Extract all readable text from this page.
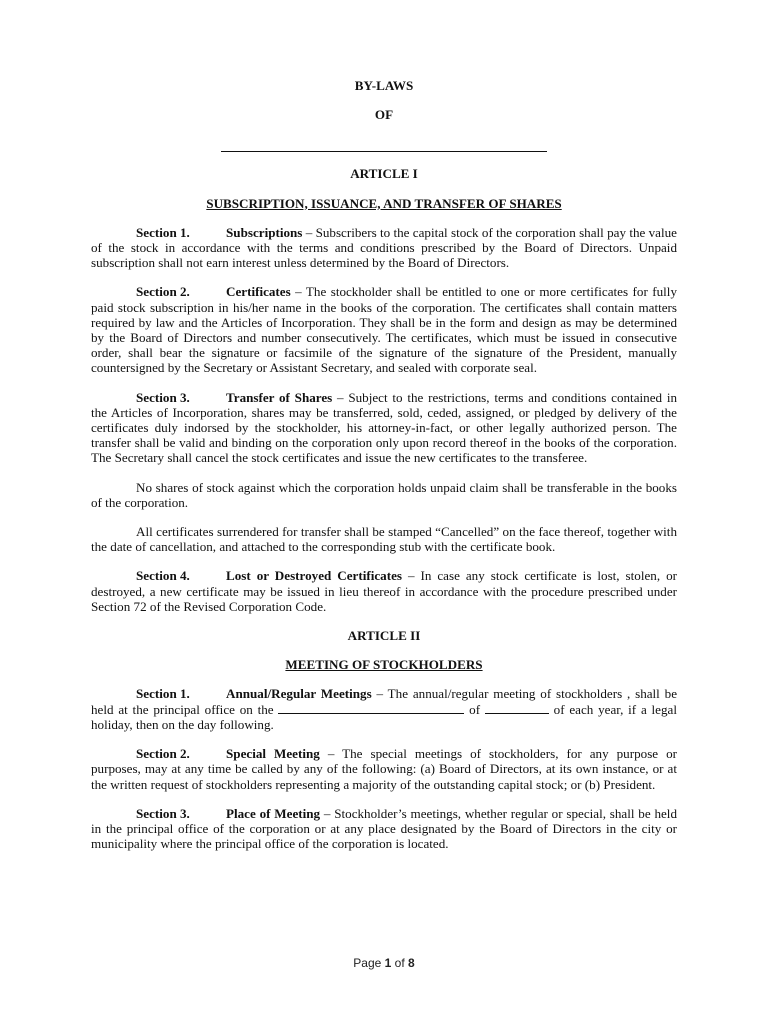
BY-LAWS

OF

ARTICLE I

SUBSCRIPTION, ISSUANCE, AND TRANSFER OF SHARES

Section 1.	Subscriptions – Subscribers to the capital stock of the corporation shall pay the value of the stock in accordance with the terms and conditions prescribed by the Board of Directors. Unpaid subscription shall not earn interest unless determined by the Board of Directors.

Section 2.	Certificates – The stockholder shall be entitled to one or more certificates for fully paid stock subscription in his/her name in the books of the corporation. The certificates shall contain matters required by law and the Articles of Incorporation. They shall be in the form and design as may be determined by the Board of Directors and number consecutively. The certificates, which must be issued in consecutive order, shall bear the signature or facsimile of the signature of the signature of the President, manually countersigned by the Secretary or Assistant Secretary, and sealed with corporate seal.

Section 3.	Transfer of Shares – Subject to the restrictions, terms and conditions contained in the Articles of Incorporation, shares may be transferred, sold, ceded, assigned, or pledged by delivery of the certificates duly indorsed by the stockholder, his attorney-in-fact, or other legally authorized person. The transfer shall be valid and binding on the corporation only upon record thereof in the books of the corporation. The Secretary shall cancel the stock certificates and issue the new certificates to the transferee.

No shares of stock against which the corporation holds unpaid claim shall be transferable in the books of the corporation.

All certificates surrendered for transfer shall be stamped “Cancelled” on the face thereof, together with the date of cancellation, and attached to the corresponding stub with the certificate book.

Section 4.	Lost or Destroyed Certificates – In case any stock certificate is lost, stolen, or destroyed, a new certificate may be issued in lieu thereof in accordance with the procedure prescribed under Section 72 of the Revised Corporation Code.

ARTICLE II

MEETING OF STOCKHOLDERS

Section 1.	Annual/Regular Meetings – The annual/regular meeting of stockholders , shall be held at the principal office on the	of	of each year, if a legal holiday, then on the day following.

Section 2.	Special Meeting – The special meetings of stockholders, for any purpose or purposes, may at any time be called by any of the following: (a) Board of Directors, at its own instance, or at the written request of stockholders representing a majority of the outstanding capital stock; or (b) President.

Section 3.	Place of Meeting – Stockholder’s meetings, whether regular or special, shall be held in the principal office of the corporation or at any place designated by the Board of Directors in the city or municipality where the principal office of the corporation is located.

Page 1 of 8
